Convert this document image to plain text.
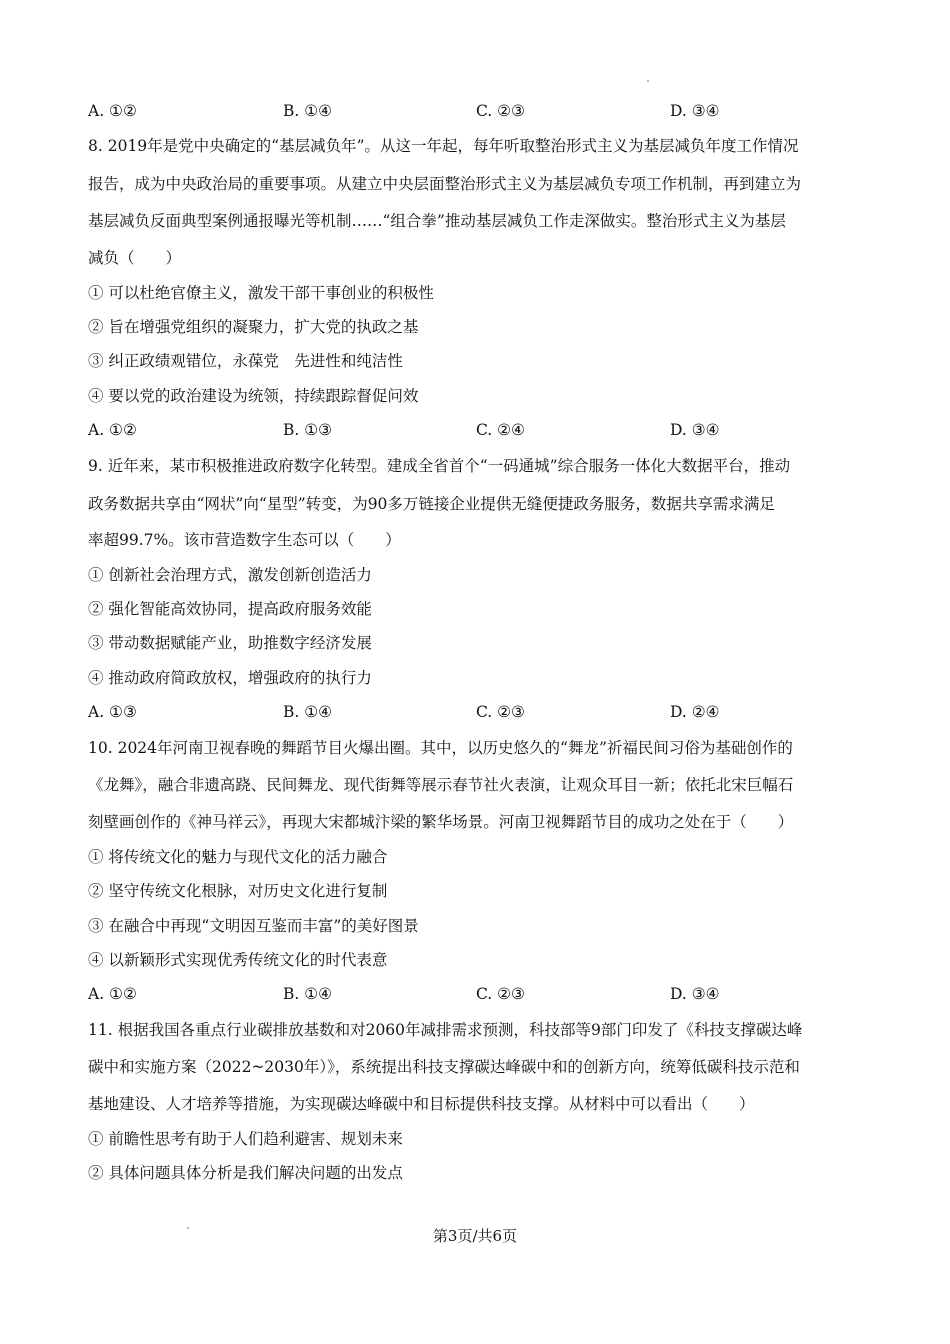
A. ①②	B. ①④	C. ②③	D. ③④
8. 2019年是党中央确定的“基层减负年”。从这一年起，每年听取整治形式主义为基层减负年度工作情况
报告，成为中央政治局的重要事项。从建立中央层面整治形式主义为基层减负专项工作机制，再到建立为
基层减负反面典型案例通报曝光等机制……“组合拳”推动基层减负工作走深做实。整治形式主义为基层
减负（　　）
① 可以杜绝官僚主义，激发干部干事创业的积极性
② 旨在增强党组织的凝聚力，扩大党的执政之基
③ 纠正政绩观错位，永葆党　先进性和纯洁性
④ 要以党的政治建设为统领，持续跟踪督促问效
A. ①②	B. ①③	C. ②④	D. ③④
9. 近年来，某市积极推进政府数字化转型。建成全省首个“一码通城”综合服务一体化大数据平台，推动
政务数据共享由“网状”向“星型”转变，为90多万链接企业提供无缝便捷政务服务，数据共享需求满足
率超99.7%。该市营造数字生态可以（　　）
① 创新社会治理方式，激发创新创造活力
② 强化智能高效协同，提高政府服务效能
③ 带动数据赋能产业，助推数字经济发展
④ 推动政府简政放权，增强政府的执行力
A. ①③	B. ①④	C. ②③	D. ②④
10. 2024年河南卫视春晚的舞蹈节目火爆出圈。其中，以历史悠久的“舞龙”祈福民间习俗为基础创作的
《龙舞》，融合非遗高跷、民间舞龙、现代街舞等展示春节社火表演，让观众耳目一新；依托北宋巨幅石
刻壁画创作的《神马祥云》，再现大宋都城汴梁的繁华场景。河南卫视舞蹈节目的成功之处在于（　　）
① 将传统文化的魅力与现代文化的活力融合
② 坚守传统文化根脉，对历史文化进行复制
③ 在融合中再现“文明因互鉴而丰富”的美好图景
④ 以新颖形式实现优秀传统文化的时代表意
A. ①②	B. ①④	C. ②③	D. ③④
11. 根据我国各重点行业碳排放基数和对2060年减排需求预测，科技部等9部门印发了《科技支撑碳达峰
碳中和实施方案（2022~2030年）》，系统提出科技支撑碳达峰碳中和的创新方向，统筹低碳科技示范和
基地建设、人才培养等措施，为实现碳达峰碳中和目标提供科技支撑。从材料中可以看出（　　）
① 前瞻性思考有助于人们趋利避害、规划未来
② 具体问题具体分析是我们解决问题的出发点
第3页/共6页
